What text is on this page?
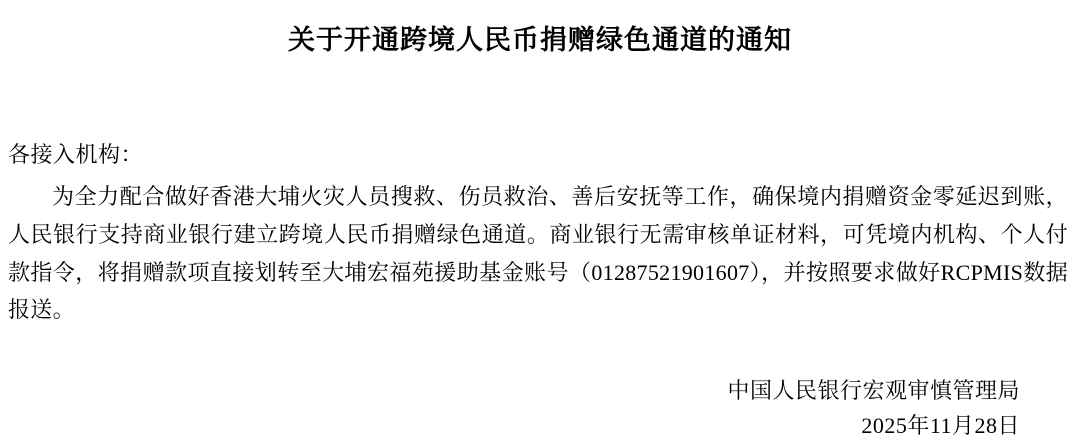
关于开通跨境人民币捐赠绿色通道的通知

各接入机构：

为全力配合做好香港大埔火灾人员搜救、伤员救治、善后安抚等工作，确保境内捐赠资金零延迟到账，人民银行支持商业银行建立跨境人民币捐赠绿色通道。商业银行无需审核单证材料，可凭境内机构、个人付款指令，将捐赠款项直接划转至大埔宏福苑援助基金账号（01287521901607），并按照要求做好RCPMIS数据报送。

中国人民银行宏观审慎管理局
2025年11月28日
